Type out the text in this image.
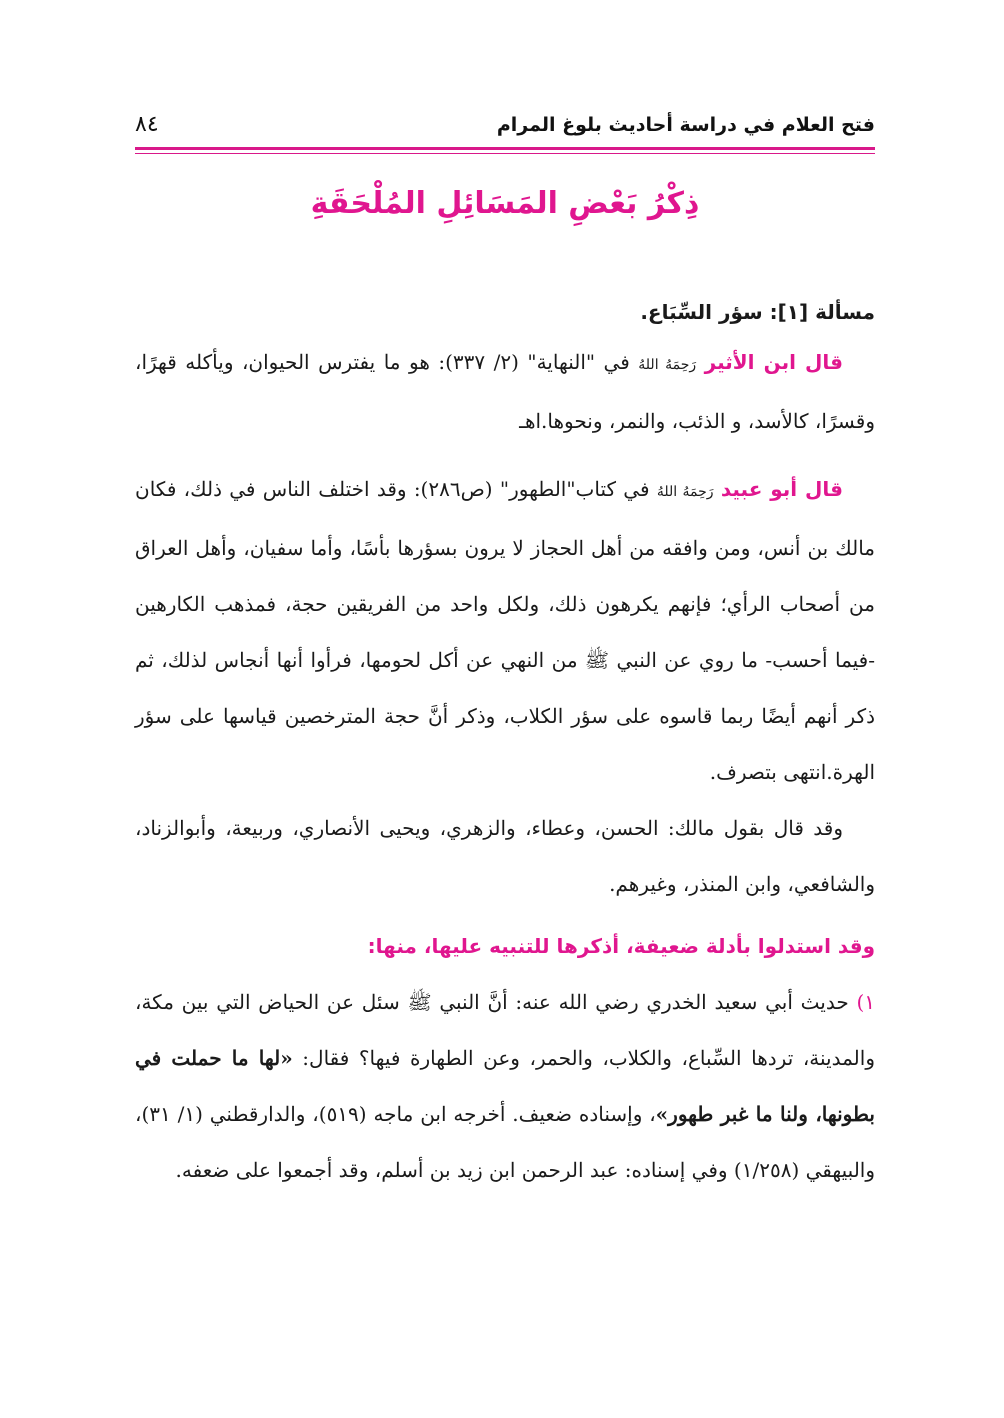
فتح العلام في دراسة أحاديث بلوغ المرام
٨٤
ذِكْرُ بَعْضِ المَسَائِلِ المُلْحَقَةِ

مسألة [١]: سؤر السِّبَاع.

قال ابن الأثير رَحِمَهُ اللهُ في "النهاية" (٢/ ٣٣٧): هو ما يفترس الحيوان، ويأكله قهرًا، وقسرًا، كالأسد، و الذئب، والنمر، ونحوها.اهـ

قال أبو عبيد رَحِمَهُ اللهُ في كتاب"الطهور" (ص٢٨٦): وقد اختلف الناس في ذلك، فكان مالك بن أنس، ومن وافقه من أهل الحجاز لا يرون بسؤرها بأسًا، وأما سفيان، وأهل العراق من أصحاب الرأي؛ فإنهم يكرهون ذلك، ولكل واحد من الفريقين حجة، فمذهب الكارهين -فيما أحسب- ما روي عن النبي ﷺ من النهي عن أكل لحومها، فرأوا أنها أنجاس لذلك، ثم ذكر أنهم أيضًا ربما قاسوه على سؤر الكلاب، وذكر أنَّ حجة المترخصين قياسها على سؤر الهرة.انتهى بتصرف.

وقد قال بقول مالك: الحسن، وعطاء، والزهري، ويحيى الأنصاري، وربيعة، وأبوالزناد، والشافعي، وابن المنذر، وغيرهم.

وقد استدلوا بأدلة ضعيفة، أذكرها للتنبيه عليها، منها:

١) حديث أبي سعيد الخدري رضي الله عنه: أنَّ النبي ﷺ سئل عن الحياض التي بين مكة، والمدينة، تردها السِّباع، والكلاب، والحمر، وعن الطهارة فيها؟ فقال: «لها ما حملت في بطونها، ولنا ما غبر طهور»، وإسناده ضعيف. أخرجه ابن ماجه (٥١٩)، والدارقطني (١/ ٣١)، والبيهقي (١/٢٥٨) وفي إسناده: عبد الرحمن ابن زيد بن أسلم، وقد أجمعوا على ضعفه.
